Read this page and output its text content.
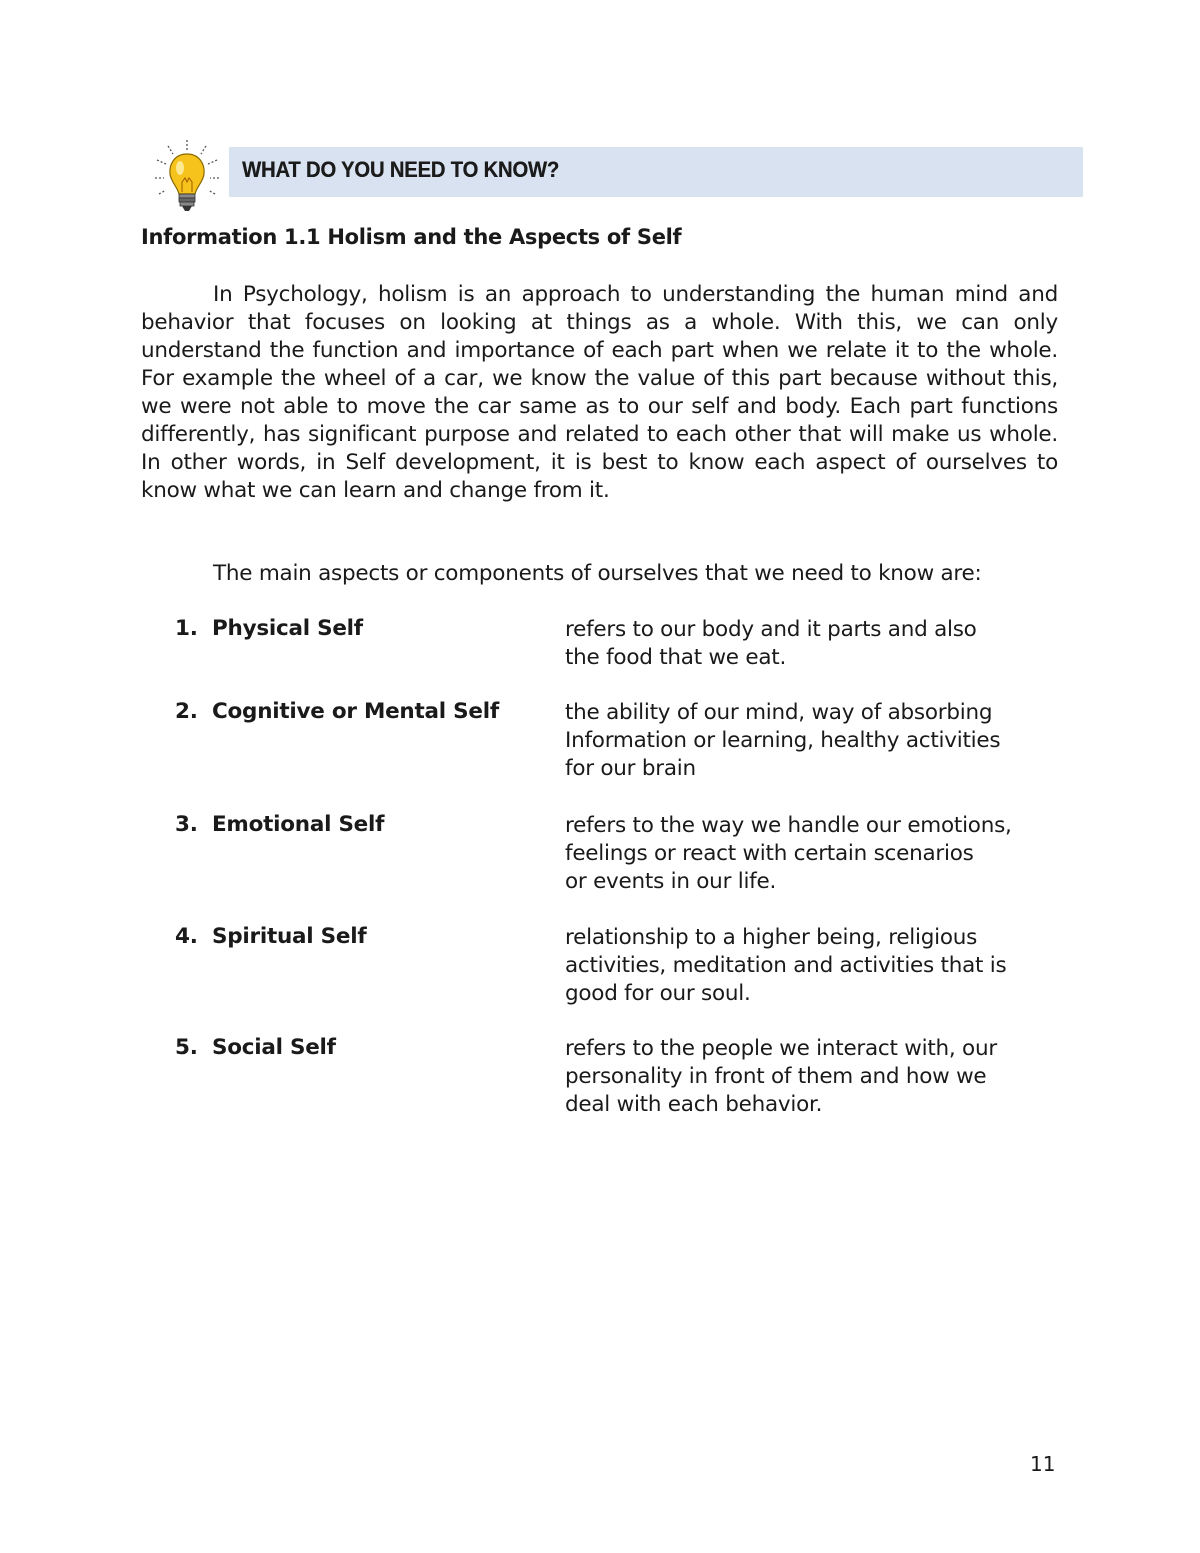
WHAT DO YOU NEED TO KNOW?
Information 1.1 Holism and the Aspects of Self

In Psychology, holism is an approach to understanding the human mind and behavior that focuses on looking at things as a whole. With this, we can only understand the function and importance of each part when we relate it to the whole. For example the wheel of a car, we know the value of this part because without this, we were not able to move the car same as to our self and body. Each part functions differently, has significant purpose and related to each other that will make us whole. In other words, in Self development, it is best to know each aspect of ourselves to know what we can learn and change from it.

The main aspects or components of ourselves that we need to know are:
1. Physical Self	refers to our body and it parts and also
the food that we eat.
2. Cognitive or Mental Self	the ability of our mind, way of absorbing
Information or learning, healthy activities
for our brain
3. Emotional Self	refers to the way we handle our emotions,
feelings or react with certain scenarios
or events in our life.
4. Spiritual Self	relationship to a higher being, religious
activities, meditation and activities that is
good for our soul.
5. Social Self	refers to the people we interact with, our
personality in front of them and how we
deal with each behavior.
11
